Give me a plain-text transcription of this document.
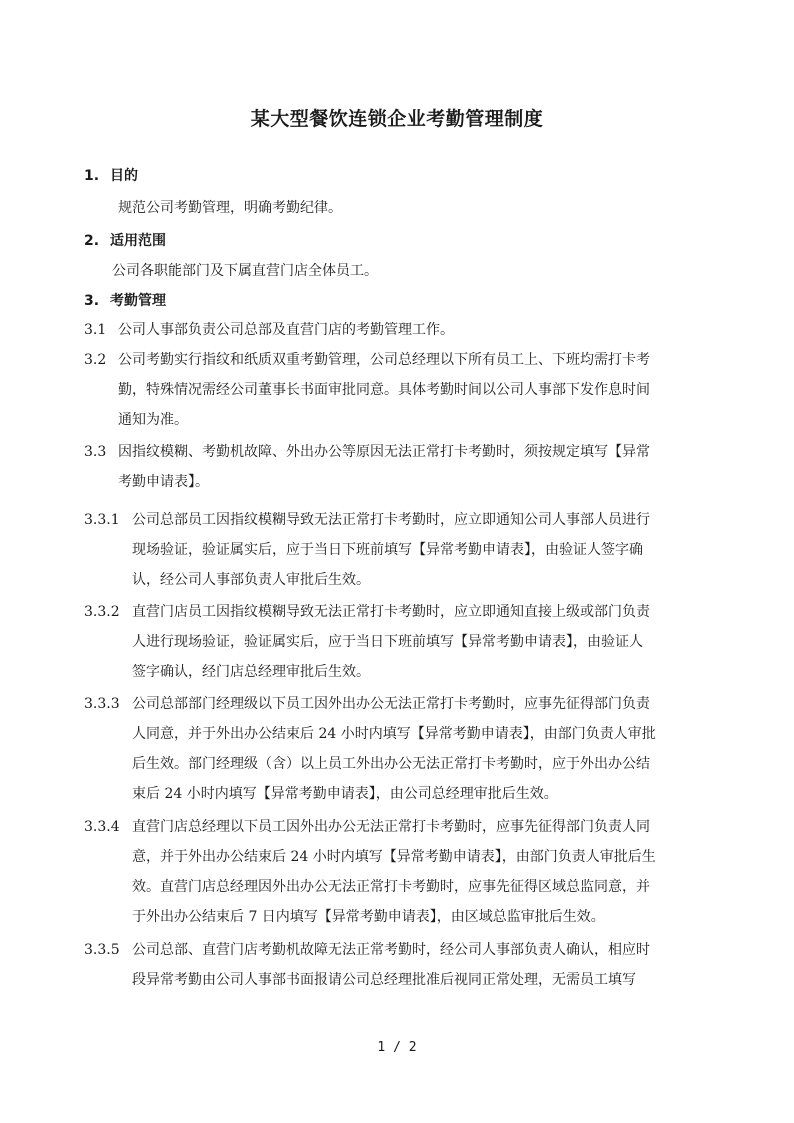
某大型餐饮连锁企业考勤管理制度
1. 目的
规范公司考勤管理，明确考勤纪律。
2. 适用范围
公司各职能部门及下属直营门店全体员工。
3. 考勤管理
3.1 公司人事部负责公司总部及直营门店的考勤管理工作。
3.2 公司考勤实行指纹和纸质双重考勤管理，公司总经理以下所有员工上、下班均需打卡考
勤，特殊情况需经公司董事长书面审批同意。具体考勤时间以公司人事部下发作息时间
通知为准。
3.3 因指纹模糊、考勤机故障、外出办公等原因无法正常打卡考勤时，须按规定填写【异常
考勤申请表】。
3.3.1 公司总部员工因指纹模糊导致无法正常打卡考勤时，应立即通知公司人事部人员进行
现场验证，验证属实后，应于当日下班前填写【异常考勤申请表】，由验证人签字确
认，经公司人事部负责人审批后生效。
3.3.2 直营门店员工因指纹模糊导致无法正常打卡考勤时，应立即通知直接上级或部门负责
人进行现场验证，验证属实后，应于当日下班前填写【异常考勤申请表】，由验证人
签字确认，经门店总经理审批后生效。
3.3.3 公司总部部门经理级以下员工因外出办公无法正常打卡考勤时，应事先征得部门负责
人同意，并于外出办公结束后 24 小时内填写【异常考勤申请表】，由部门负责人审批
后生效。部门经理级（含）以上员工外出办公无法正常打卡考勤时，应于外出办公结
束后 24 小时内填写【异常考勤申请表】，由公司总经理审批后生效。
3.3.4 直营门店总经理以下员工因外出办公无法正常打卡考勤时，应事先征得部门负责人同
意，并于外出办公结束后 24 小时内填写【异常考勤申请表】，由部门负责人审批后生
效。直营门店总经理因外出办公无法正常打卡考勤时，应事先征得区域总监同意，并
于外出办公结束后 7 日内填写【异常考勤申请表】，由区域总监审批后生效。
3.3.5 公司总部、直营门店考勤机故障无法正常考勤时，经公司人事部负责人确认，相应时
段异常考勤由公司人事部书面报请公司总经理批准后视同正常处理，无需员工填写
1 / 2
